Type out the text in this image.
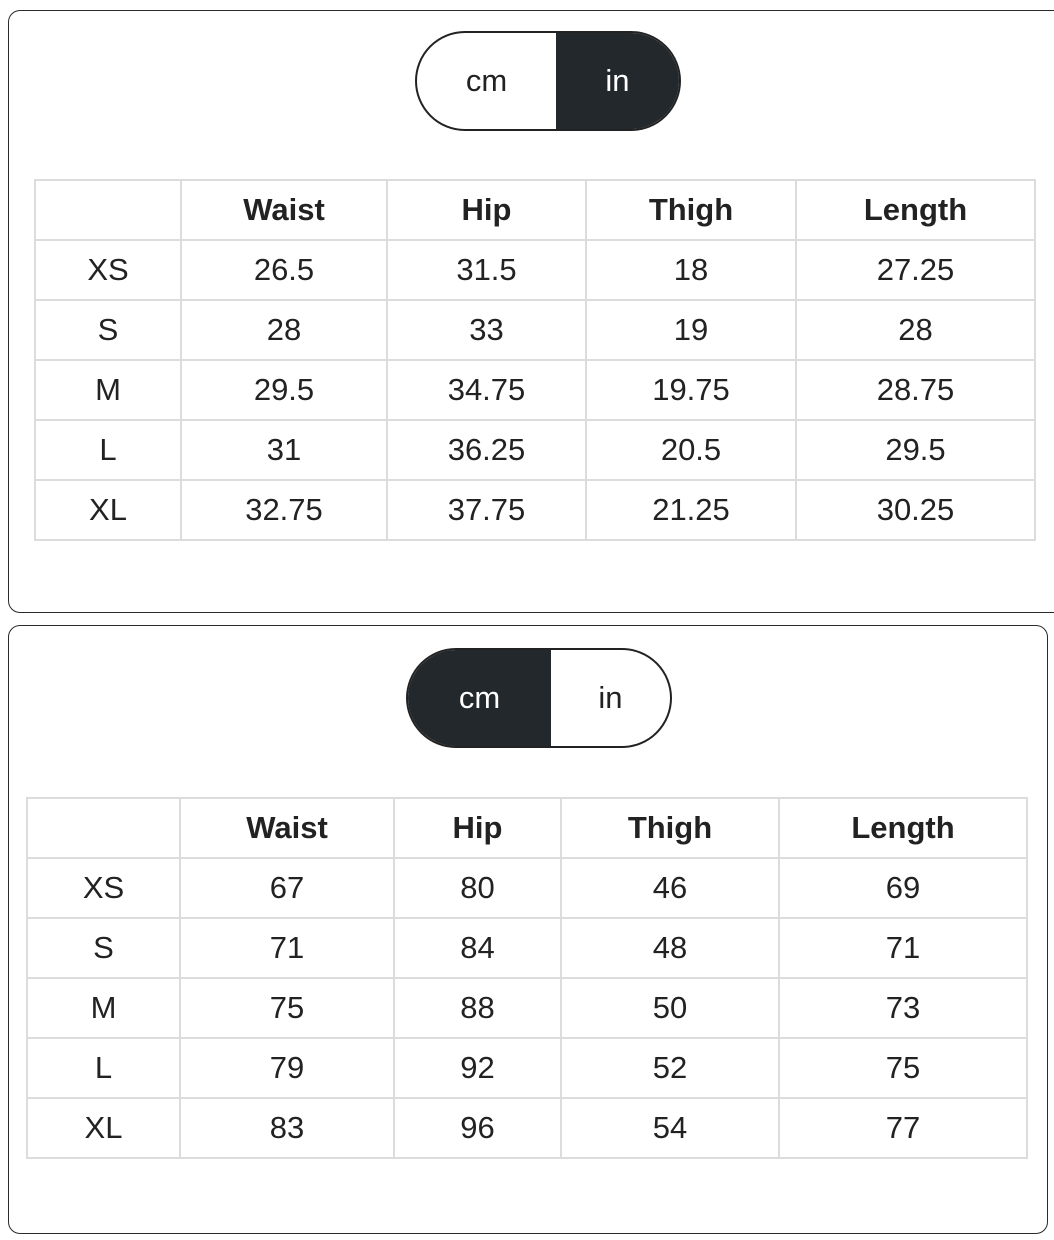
cm	in
	Waist	Hip	Thigh	Length
XS	26.5	31.5	18	27.25
S	28	33	19	28
M	29.5	34.75	19.75	28.75
L	31	36.25	20.5	29.5
XL	32.75	37.75	21.25	30.25
cm	in
	Waist	Hip	Thigh	Length
XS	67	80	46	69
S	71	84	48	71
M	75	88	50	73
L	79	92	52	75
XL	83	96	54	77
